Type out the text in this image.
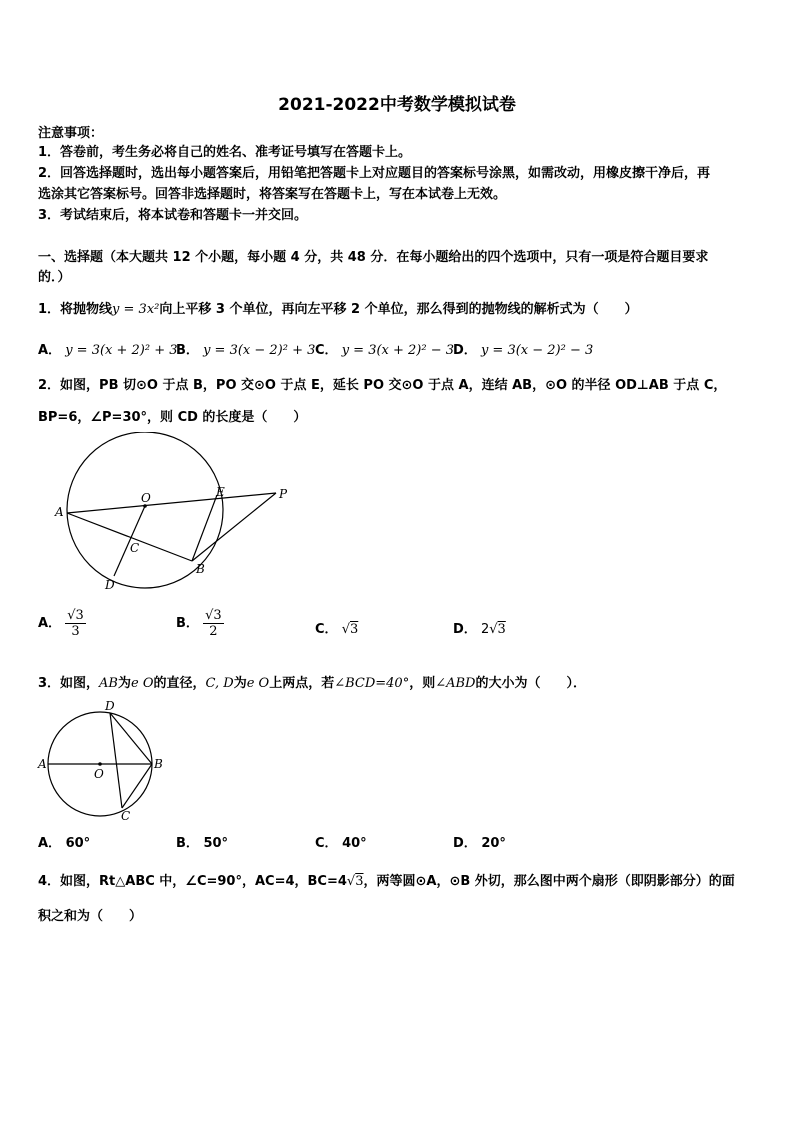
2021-2022中考数学模拟试卷
注意事项：
1．答卷前，考生务必将自己的姓名、准考证号填写在答题卡上。
2．回答选择题时，选出每小题答案后，用铅笔把答题卡上对应题目的答案标号涂黑，如需改动，用橡皮擦干净后，再
选涂其它答案标号。回答非选择题时，将答案写在答题卡上，写在本试卷上无效。
3．考试结束后，将本试卷和答题卡一并交回。
一、选择题（本大题共 12 个小题，每小题 4 分，共 48 分．在每小题给出的四个选项中，只有一项是符合题目要求
的．）
1．将抛物线y = 3x²向上平移 3 个单位，再向左平移 2 个单位，那么得到的抛物线的解析式为（　　）
A． y = 3(x + 2)² + 3
B． y = 3(x − 2)² + 3 C． y = 3(x + 2)² − 3
D． y = 3(x − 2)² − 3
2．如图，PB 切⊙O 于点 B，PO 交⊙O 于点 E，延长 PO 交⊙O 于点 A，连结 AB，⊙O 的半径 OD⊥AB 于点 C，
BP=6，∠P=30°，则 CD 的长度是（　　）
A
O	E	P
C
D
B
A． $\frac{√3}{3}$	B． $\frac{√3}{2}$	C． √3	D． 2√3
3．如图，AB为e O的直径，C, D为e O上两点，若∠BCD=40°，则∠ABD的大小为（　　）．
A
O
B
D
C
A． 60°	B． 50°	C． 40°	D． 20°
4．如图，Rt△ABC 中，∠C=90°，AC=4，BC=4√3，两等圆⊙A，⊙B 外切，那么图中两个扇形（即阴影部分）的面
积之和为（　　）
